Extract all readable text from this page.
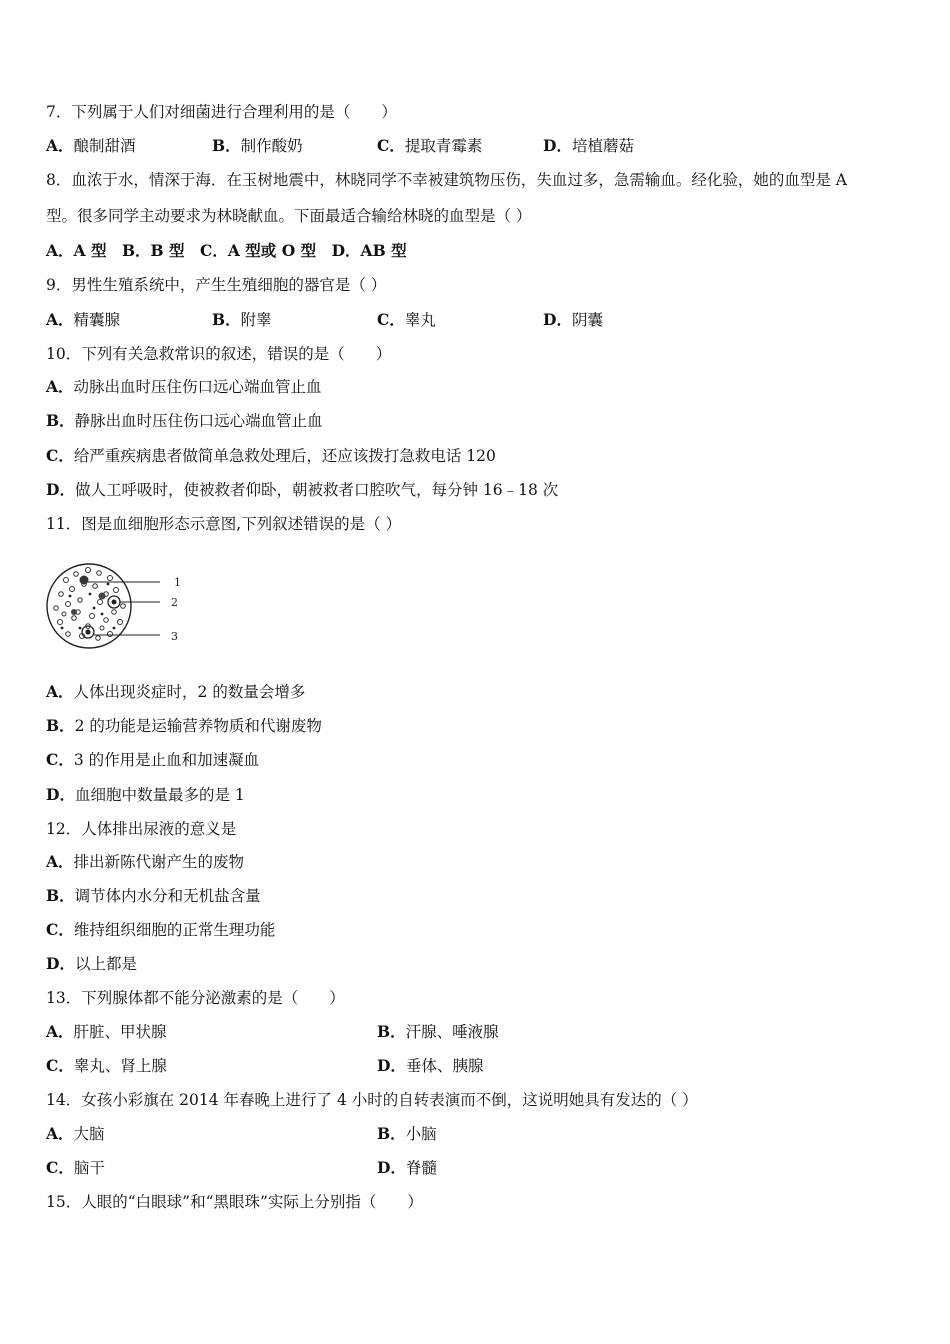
7．下列属于人们对细菌进行合理利用的是（　　）
A．酿制甜酒	B．制作酸奶	C．提取青霉素	D．培植蘑菇
8．血浓于水，情深于海．在玉树地震中，林晓同学不幸被建筑物压伤，失血过多，急需输血。经化验，她的血型是 A
型。很多同学主动要求为林晓献血。下面最适合输给林晓的血型是（ ）
A．A 型　B．B 型　C．A 型或 O 型　D．AB 型
9．男性生殖系统中，产生生殖细胞的器官是（ ）
A．精囊腺	B．附睾	C．睾丸	D．阴囊
10．下列有关急救常识的叙述，错误的是（　　）
A．动脉出血时压住伤口远心端血管止血
B．静脉出血时压住伤口远心端血管止血
C．给严重疾病患者做简单急救处理后，还应该拨打急救电话 120
D．做人工呼吸时，使被救者仰卧，朝被救者口腔吹气，每分钟 16﹣18 次
11．图是血细胞形态示意图,下列叙述错误的是（ ）
1
2
3
A．人体出现炎症时，2 的数量会增多
B．2 的功能是运输营养物质和代谢废物
C．3 的作用是止血和加速凝血
D．血细胞中数量最多的是 1
12．人体排出尿液的意义是
A．排出新陈代谢产生的废物
B．调节体内水分和无机盐含量
C．维持组织细胞的正常生理功能
D．以上都是
13．下列腺体都不能分泌激素的是（　　）
A．肝脏、甲状腺	B．汗腺、唾液腺
C．睾丸、肾上腺	D．垂体、胰腺
14．女孩小彩旗在 2014 年春晚上进行了 4 小时的自转表演而不倒，这说明她具有发达的（ ）
A．大脑	B．小脑
C．脑干	D．脊髓
15．人眼的“白眼球”和“黑眼珠”实际上分别指（　　）
